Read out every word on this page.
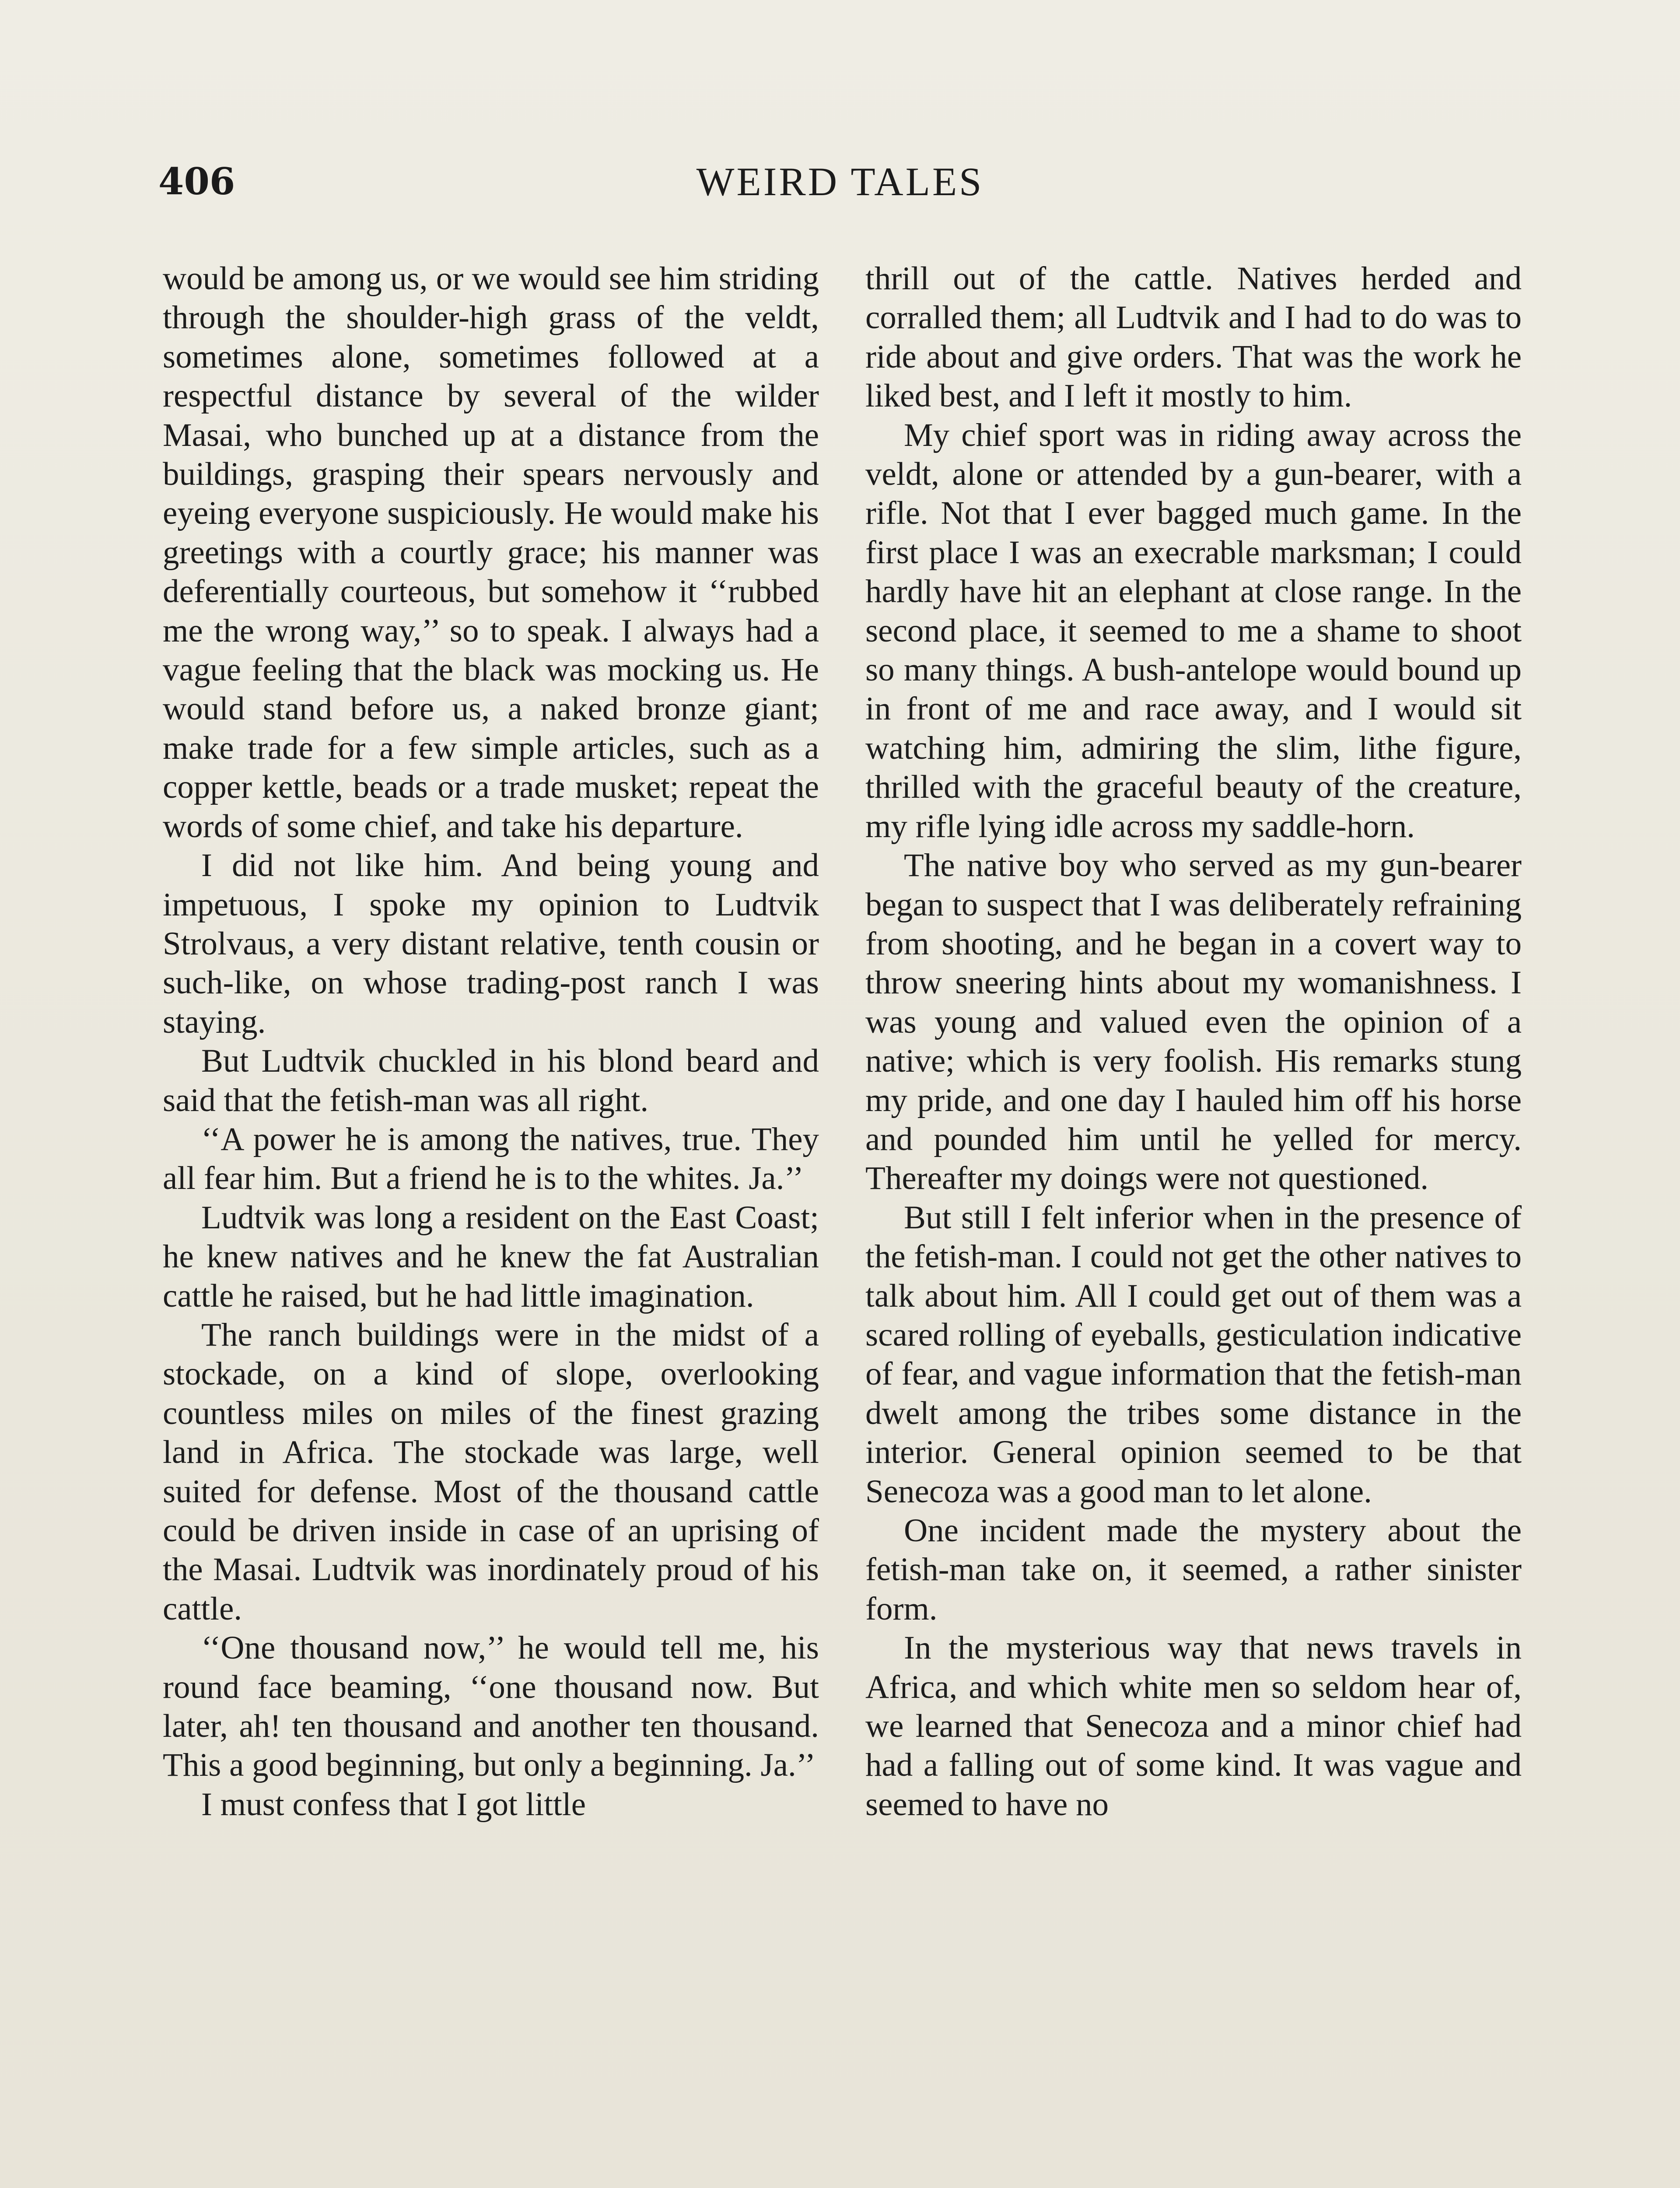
406	WEIRD TALES

would be among us, or we would see him striding through the shoulder-high grass of the veldt, sometimes alone, sometimes followed at a respectful distance by several of the wilder Masai, who bunched up at a distance from the buildings, grasping their spears nervously and eyeing everyone suspiciously. He would make his greetings with a courtly grace; his manner was deferentially courteous, but somehow it ‘‘rubbed me the wrong way,’’ so to speak. I always had a vague feeling that the black was mocking us. He would stand before us, a naked bronze giant; make trade for a few simple articles, such as a copper kettle, beads or a trade musket; repeat the words of some chief, and take his departure.

I did not like him. And being young and impetuous, I spoke my opinion to Ludtvik Strolvaus, a very distant relative, tenth cousin or such-like, on whose trading-post ranch I was staying.

But Ludtvik chuckled in his blond beard and said that the fetish-man was all right.

‘‘A power he is among the natives, true. They all fear him. But a friend he is to the whites. Ja.’’

Ludtvik was long a resident on the East Coast; he knew natives and he knew the fat Australian cattle he raised, but he had little imagination.

The ranch buildings were in the midst of a stockade, on a kind of slope, overlooking countless miles on miles of the finest grazing land in Africa. The stockade was large, well suited for defense. Most of the thousand cattle could be driven inside in case of an uprising of the Masai. Ludtvik was inordinately proud of his cattle.

‘‘One thousand now,’’ he would tell me, his round face beaming, ‘‘one thousand now. But later, ah! ten thousand and another ten thousand. This a good beginning, but only a beginning. Ja.’’

I must confess that I got little

thrill out of the cattle. Natives herded and corralled them; all Ludtvik and I had to do was to ride about and give orders. That was the work he liked best, and I left it mostly to him.

My chief sport was in riding away across the veldt, alone or attended by a gun-bearer, with a rifle. Not that I ever bagged much game. In the first place I was an execrable marksman; I could hardly have hit an elephant at close range. In the second place, it seemed to me a shame to shoot so many things. A bush-antelope would bound up in front of me and race away, and I would sit watching him, admiring the slim, lithe figure, thrilled with the graceful beauty of the creature, my rifle lying idle across my saddle-horn.

The native boy who served as my gun-bearer began to suspect that I was deliberately refraining from shooting, and he began in a covert way to throw sneering hints about my womanishness. I was young and valued even the opinion of a native; which is very foolish. His remarks stung my pride, and one day I hauled him off his horse and pounded him until he yelled for mercy. Thereafter my doings were not questioned.

But still I felt inferior when in the presence of the fetish-man. I could not get the other natives to talk about him. All I could get out of them was a scared rolling of eyeballs, gesticulation indicative of fear, and vague information that the fetish-man dwelt among the tribes some distance in the interior. General opinion seemed to be that Senecoza was a good man to let alone.

One incident made the mystery about the fetish-man take on, it seemed, a rather sinister form.

In the mysterious way that news travels in Africa, and which white men so seldom hear of, we learned that Senecoza and a minor chief had had a falling out of some kind. It was vague and seemed to have no
